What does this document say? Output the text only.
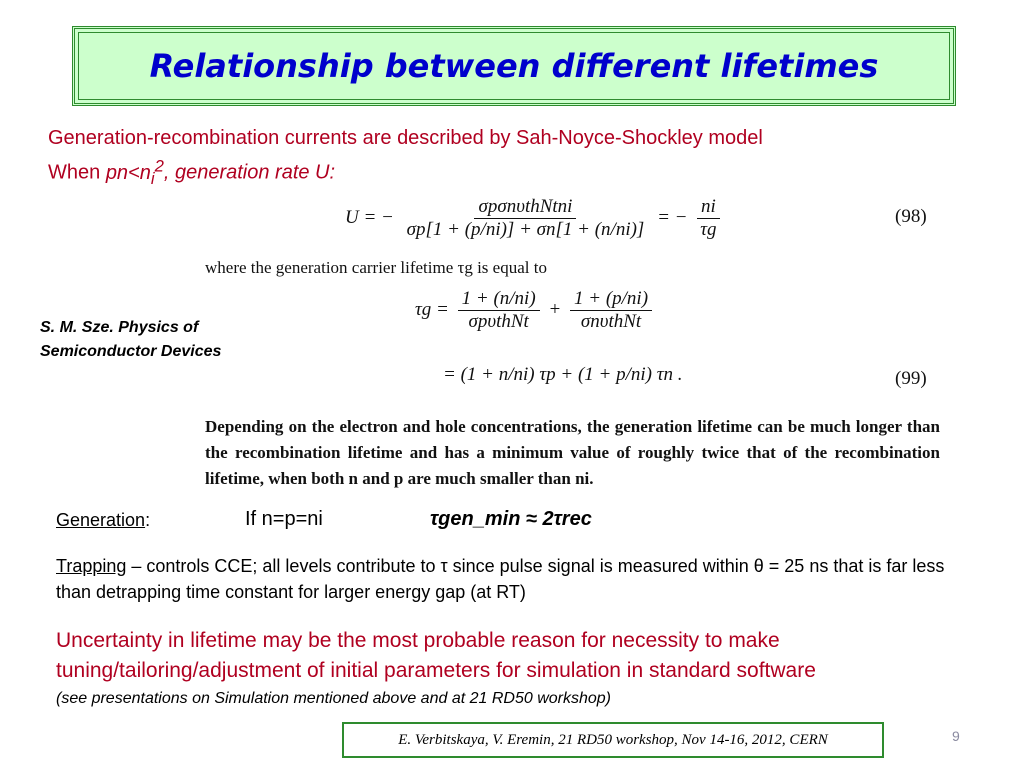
Relationship between different lifetimes
Generation-recombination currents are described by Sah-Noyce-Shockley model
When $pn<n_i^2$, generation rate U:
S. M. Sze. Physics of
Semiconductor Devices
U = − $\frac{\text{σpσnυthNtni}}{\sigma p[1 + (p/ni)] + \sigma n[1 + (n/ni)]}$ = − $\frac{ni}{\tau g}$	(98)
where the generation carrier lifetime τg is equal to
$\tau g = \frac{1 + (n/ni)}{\text{σpυthNt}} + \frac{1 + (p/ni)}{\text{σnυthNt}}$
= (1 + n/ni) τp + (1 + p/ni) τn .	(99)
Depending on the electron and hole concentrations, the generation lifetime can be much longer than the recombination lifetime and has a minimum value of roughly twice that of the recombination lifetime, when both n and p are much smaller than ni.
Generation:	If n=p=ni	τgen_min ≈ 2τrec
Trapping – controls CCE; all levels contribute to τ since pulse signal is measured within θ = 25 ns that is far less than detrapping time constant for larger energy gap (at RT)
Uncertainty in lifetime may be the most probable reason for necessity to make tuning/tailoring/adjustment of initial parameters for simulation in standard software
(see presentations on Simulation mentioned above and at 21 RD50 workshop)
9
E. Verbitskaya, V. Eremin, 21 RD50 workshop, Nov 14-16, 2012, CERN
